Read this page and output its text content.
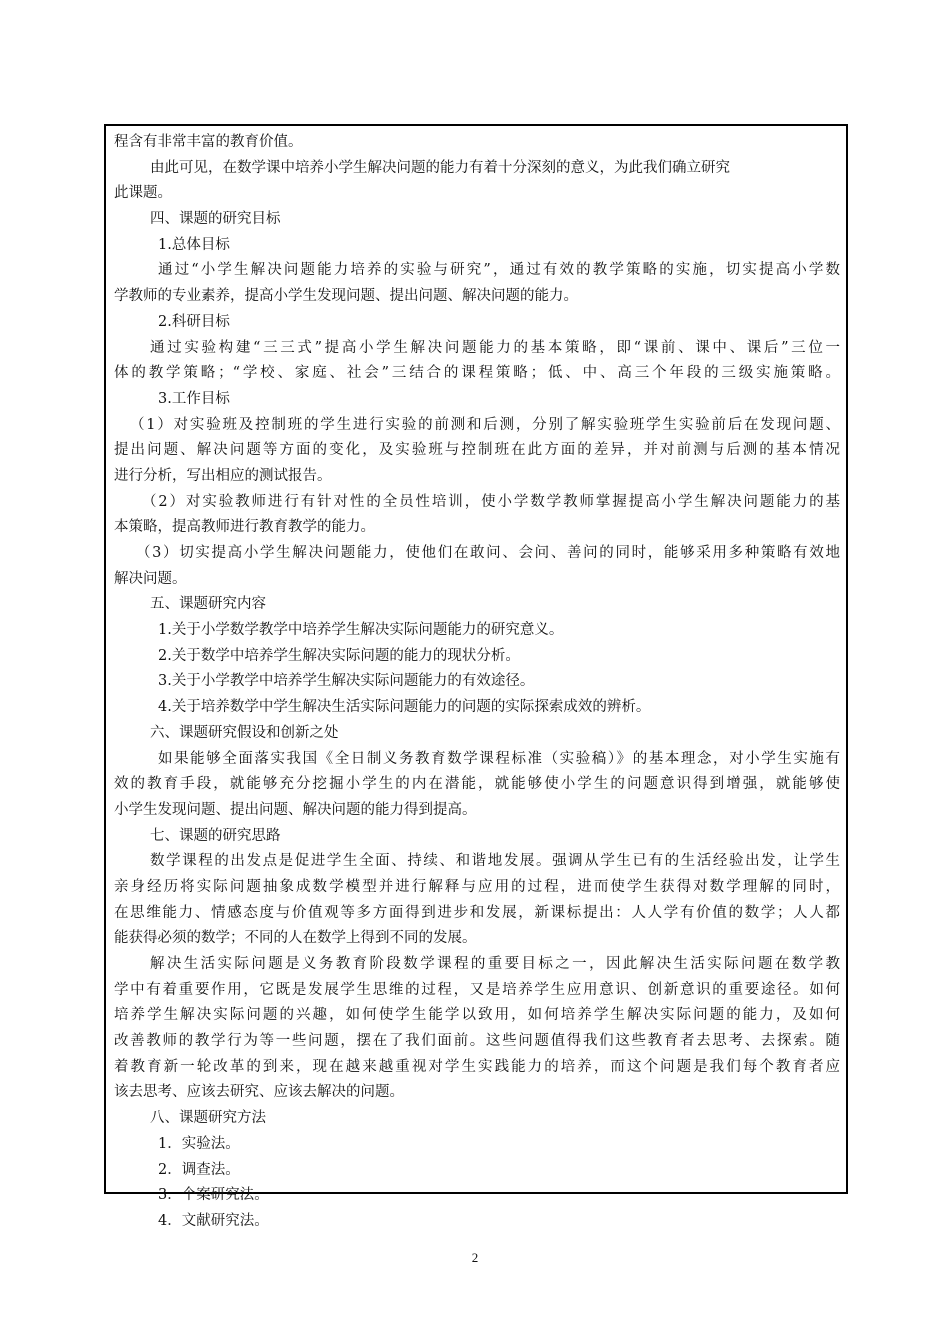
程含有非常丰富的教育价值。
由此可见，在数学课中培养小学生解决问题的能力有着十分深刻的意义，为此我们确立研究
此课题。
四、课题的研究目标
1.总体目标
通过“小学生解决问题能力培养的实验与研究”，通过有效的教学策略的实施，切实提高小学数
学教师的专业素养，提高小学生发现问题、提出问题、解决问题的能力。
2.科研目标
通过实验构建“三三式”提高小学生解决问题能力的基本策略，即“课前、课中、课后”三位一
体的教学策略；“学校、家庭、社会”三结合的课程策略；低、中、高三个年段的三级实施策略。
3.工作目标
（1）对实验班及控制班的学生进行实验的前测和后测，分别了解实验班学生实验前后在发现问题、
提出问题、解决问题等方面的变化，及实验班与控制班在此方面的差异，并对前测与后测的基本情况
进行分析，写出相应的测试报告。
（2）对实验教师进行有针对性的全员性培训，使小学数学教师掌握提高小学生解决问题能力的基
本策略，提高教师进行教育教学的能力。
（3）切实提高小学生解决问题能力，使他们在敢问、会问、善问的同时，能够采用多种策略有效地
解决问题。
五、课题研究内容
1.关于小学数学教学中培养学生解决实际问题能力的研究意义。
2.关于数学中培养学生解决实际问题的能力的现状分析。
3.关于小学教学中培养学生解决实际问题能力的有效途径。
4.关于培养数学中学生解决生活实际问题能力的问题的实际探索成效的辨析。
六、课题研究假设和创新之处
如果能够全面落实我国《全日制义务教育数学课程标准（实验稿）》的基本理念，对小学生实施有
效的教育手段，就能够充分挖掘小学生的内在潜能，就能够使小学生的问题意识得到增强，就能够使
小学生发现问题、提出问题、解决问题的能力得到提高。
七、课题的研究思路
数学课程的出发点是促进学生全面、持续、和谐地发展。强调从学生已有的生活经验出发，让学生
亲身经历将实际问题抽象成数学模型并进行解释与应用的过程，进而使学生获得对数学理解的同时，
在思维能力、情感态度与价值观等多方面得到进步和发展，新课标提出：人人学有价值的数学；人人都
能获得必须的数学；不同的人在数学上得到不同的发展。
解决生活实际问题是义务教育阶段数学课程的重要目标之一，因此解决生活实际问题在数学教
学中有着重要作用，它既是发展学生思维的过程，又是培养学生应用意识、创新意识的重要途径。如何
培养学生解决实际问题的兴趣，如何使学生能学以致用，如何培养学生解决实际问题的能力，及如何
改善教师的教学行为等一些问题，摆在了我们面前。这些问题值得我们这些教育者去思考、去探索。随
着教育新一轮改革的到来，现在越来越重视对学生实践能力的培养，而这个问题是我们每个教育者应
该去思考、应该去研究、应该去解决的问题。
八、课题研究方法
1．实验法。
2．调查法。
3．个案研究法。
4．文献研究法。
2
